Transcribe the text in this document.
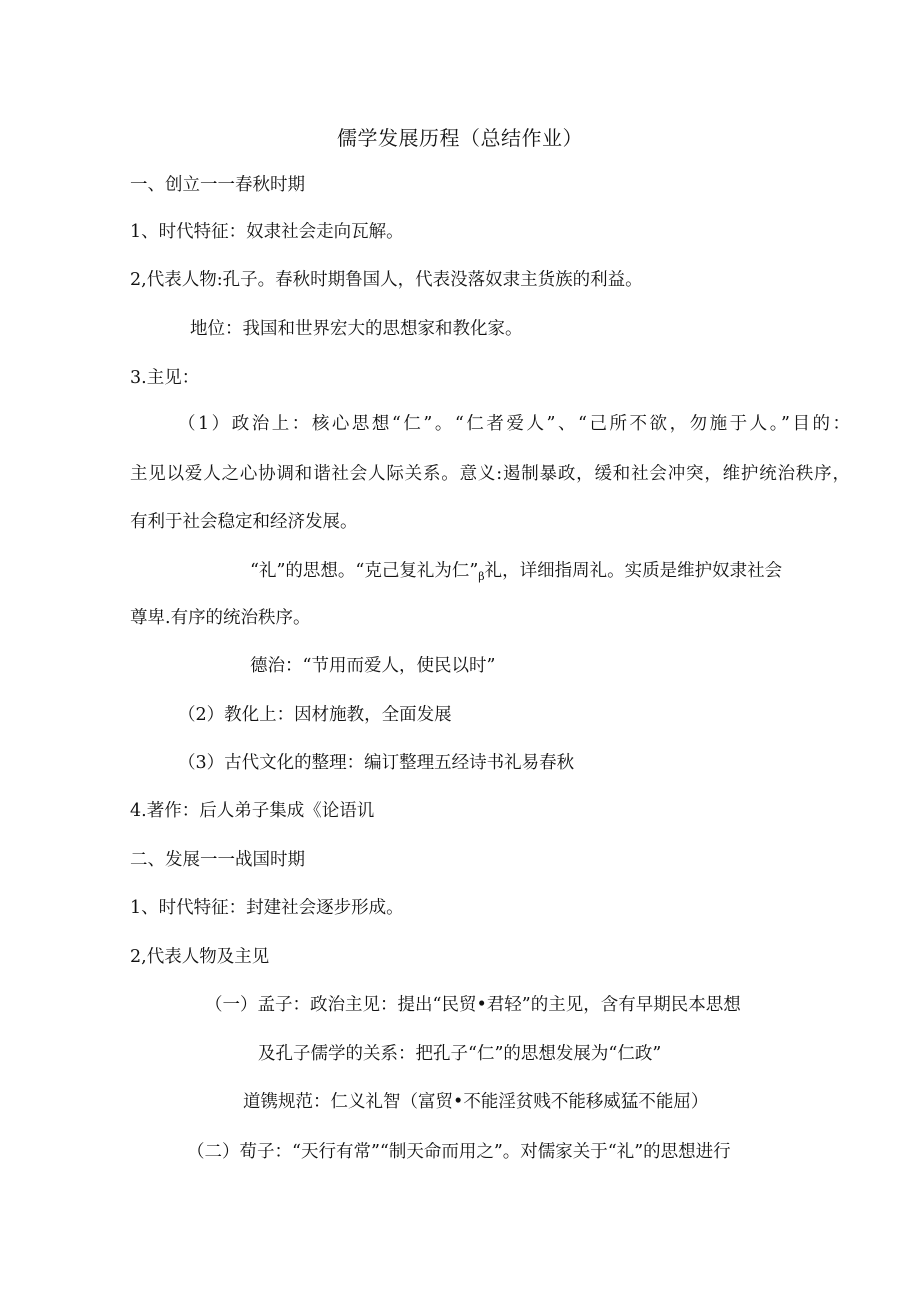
儒学发展历程（总结作业）
一、创立一一春秋时期
1、时代特征：奴隶社会走向瓦解。
2,代表人物:孔子。春秋时期鲁国人，代表没落奴隶主货族的利益。
地位：我国和世界宏大的思想家和教化家。
3.主见：
（1）政治上：核心思想“仁”。“仁者爱人”、“己所不欲，勿施于人。”目的：
主见以爱人之心协调和谐社会人际关系。意义:遏制暴政，缓和社会冲突，维护统治秩序，
有利于社会稳定和经济发展。
“礼”的思想。“克己复礼为仁$”_\beta$礼，详细指周礼。实质是维护奴隶社会
尊卑.有序的统治秩序。
德治：“节用而爱人，使民以时”
（2）教化上：因材施教，全面发展
（3）古代文化的整理：编订整理五经诗书礼易春秋
4.著作：后人弟子集成《论语讥
二、发展一一战国时期
1、时代特征：封建社会逐步形成。
2,代表人物及主见
（一）孟子：政治主见：提出“民贸•君轻”的主见，含有早期民本思想
及孔子儒学的关系：把孔子“仁”的思想发展为“仁政”
道镌规范：仁义礼智（富贸•不能淫贫贱不能移威猛不能屈）
（二）荀子：“天行有常”“制天命而用之”。对儒家关于“礼”的思想进行
